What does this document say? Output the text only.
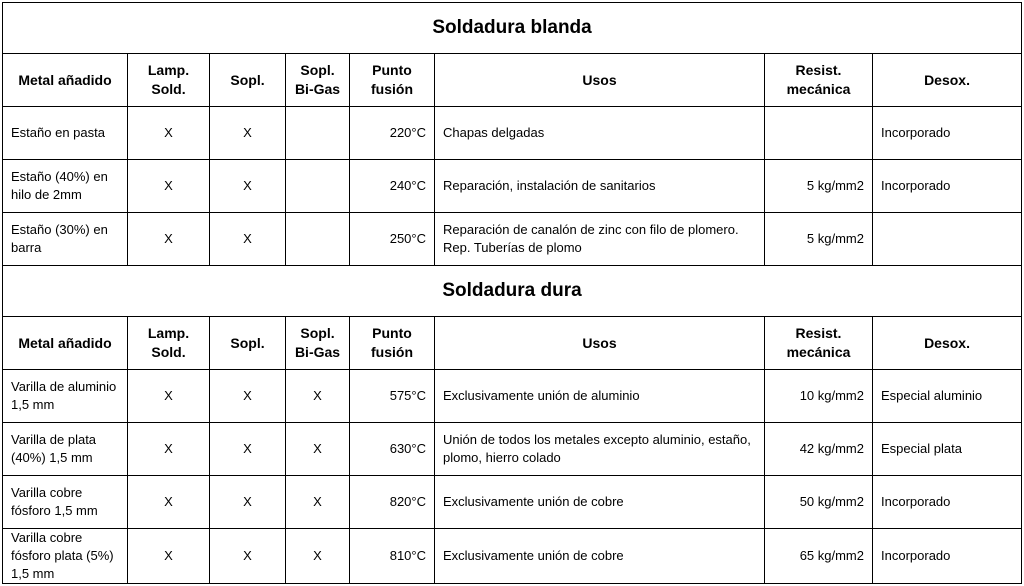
Soldadura blanda							
Metal añadido	Lamp. Sold.	Sopl.	Sopl. Bi-Gas	Punto fusión	Usos	Resist. mecánica	Desox.
Estaño en pasta	X	X		220°C	Chapas delgadas		Incorporado
Estaño (40%) en hilo de 2mm	X	X		240°C	Reparación, instalación de sanitarios	5 kg/mm2	Incorporado
Estaño (30%) en barra	X	X		250°C	Reparación de canalón de zinc con filo de plomero. Rep. Tuberías de plomo	5 kg/mm2	
Soldadura dura							
Metal añadido	Lamp. Sold.	Sopl.	Sopl. Bi-Gas	Punto fusión	Usos	Resist. mecánica	Desox.
Varilla de aluminio 1,5 mm	X	X	X	575°C	Exclusivamente unión de aluminio	10 kg/mm2	Especial aluminio
Varilla de plata (40%) 1,5 mm	X	X	X	630°C	Unión de todos los metales excepto aluminio, estaño, plomo, hierro colado	42 kg/mm2	Especial plata
Varilla cobre fósforo 1,5 mm	X	X	X	820°C	Exclusivamente unión de cobre	50 kg/mm2	Incorporado
Varilla cobre fósforo plata (5%) 1,5 mm	X	X	X	810°C	Exclusivamente unión de cobre	65 kg/mm2	Incorporado
